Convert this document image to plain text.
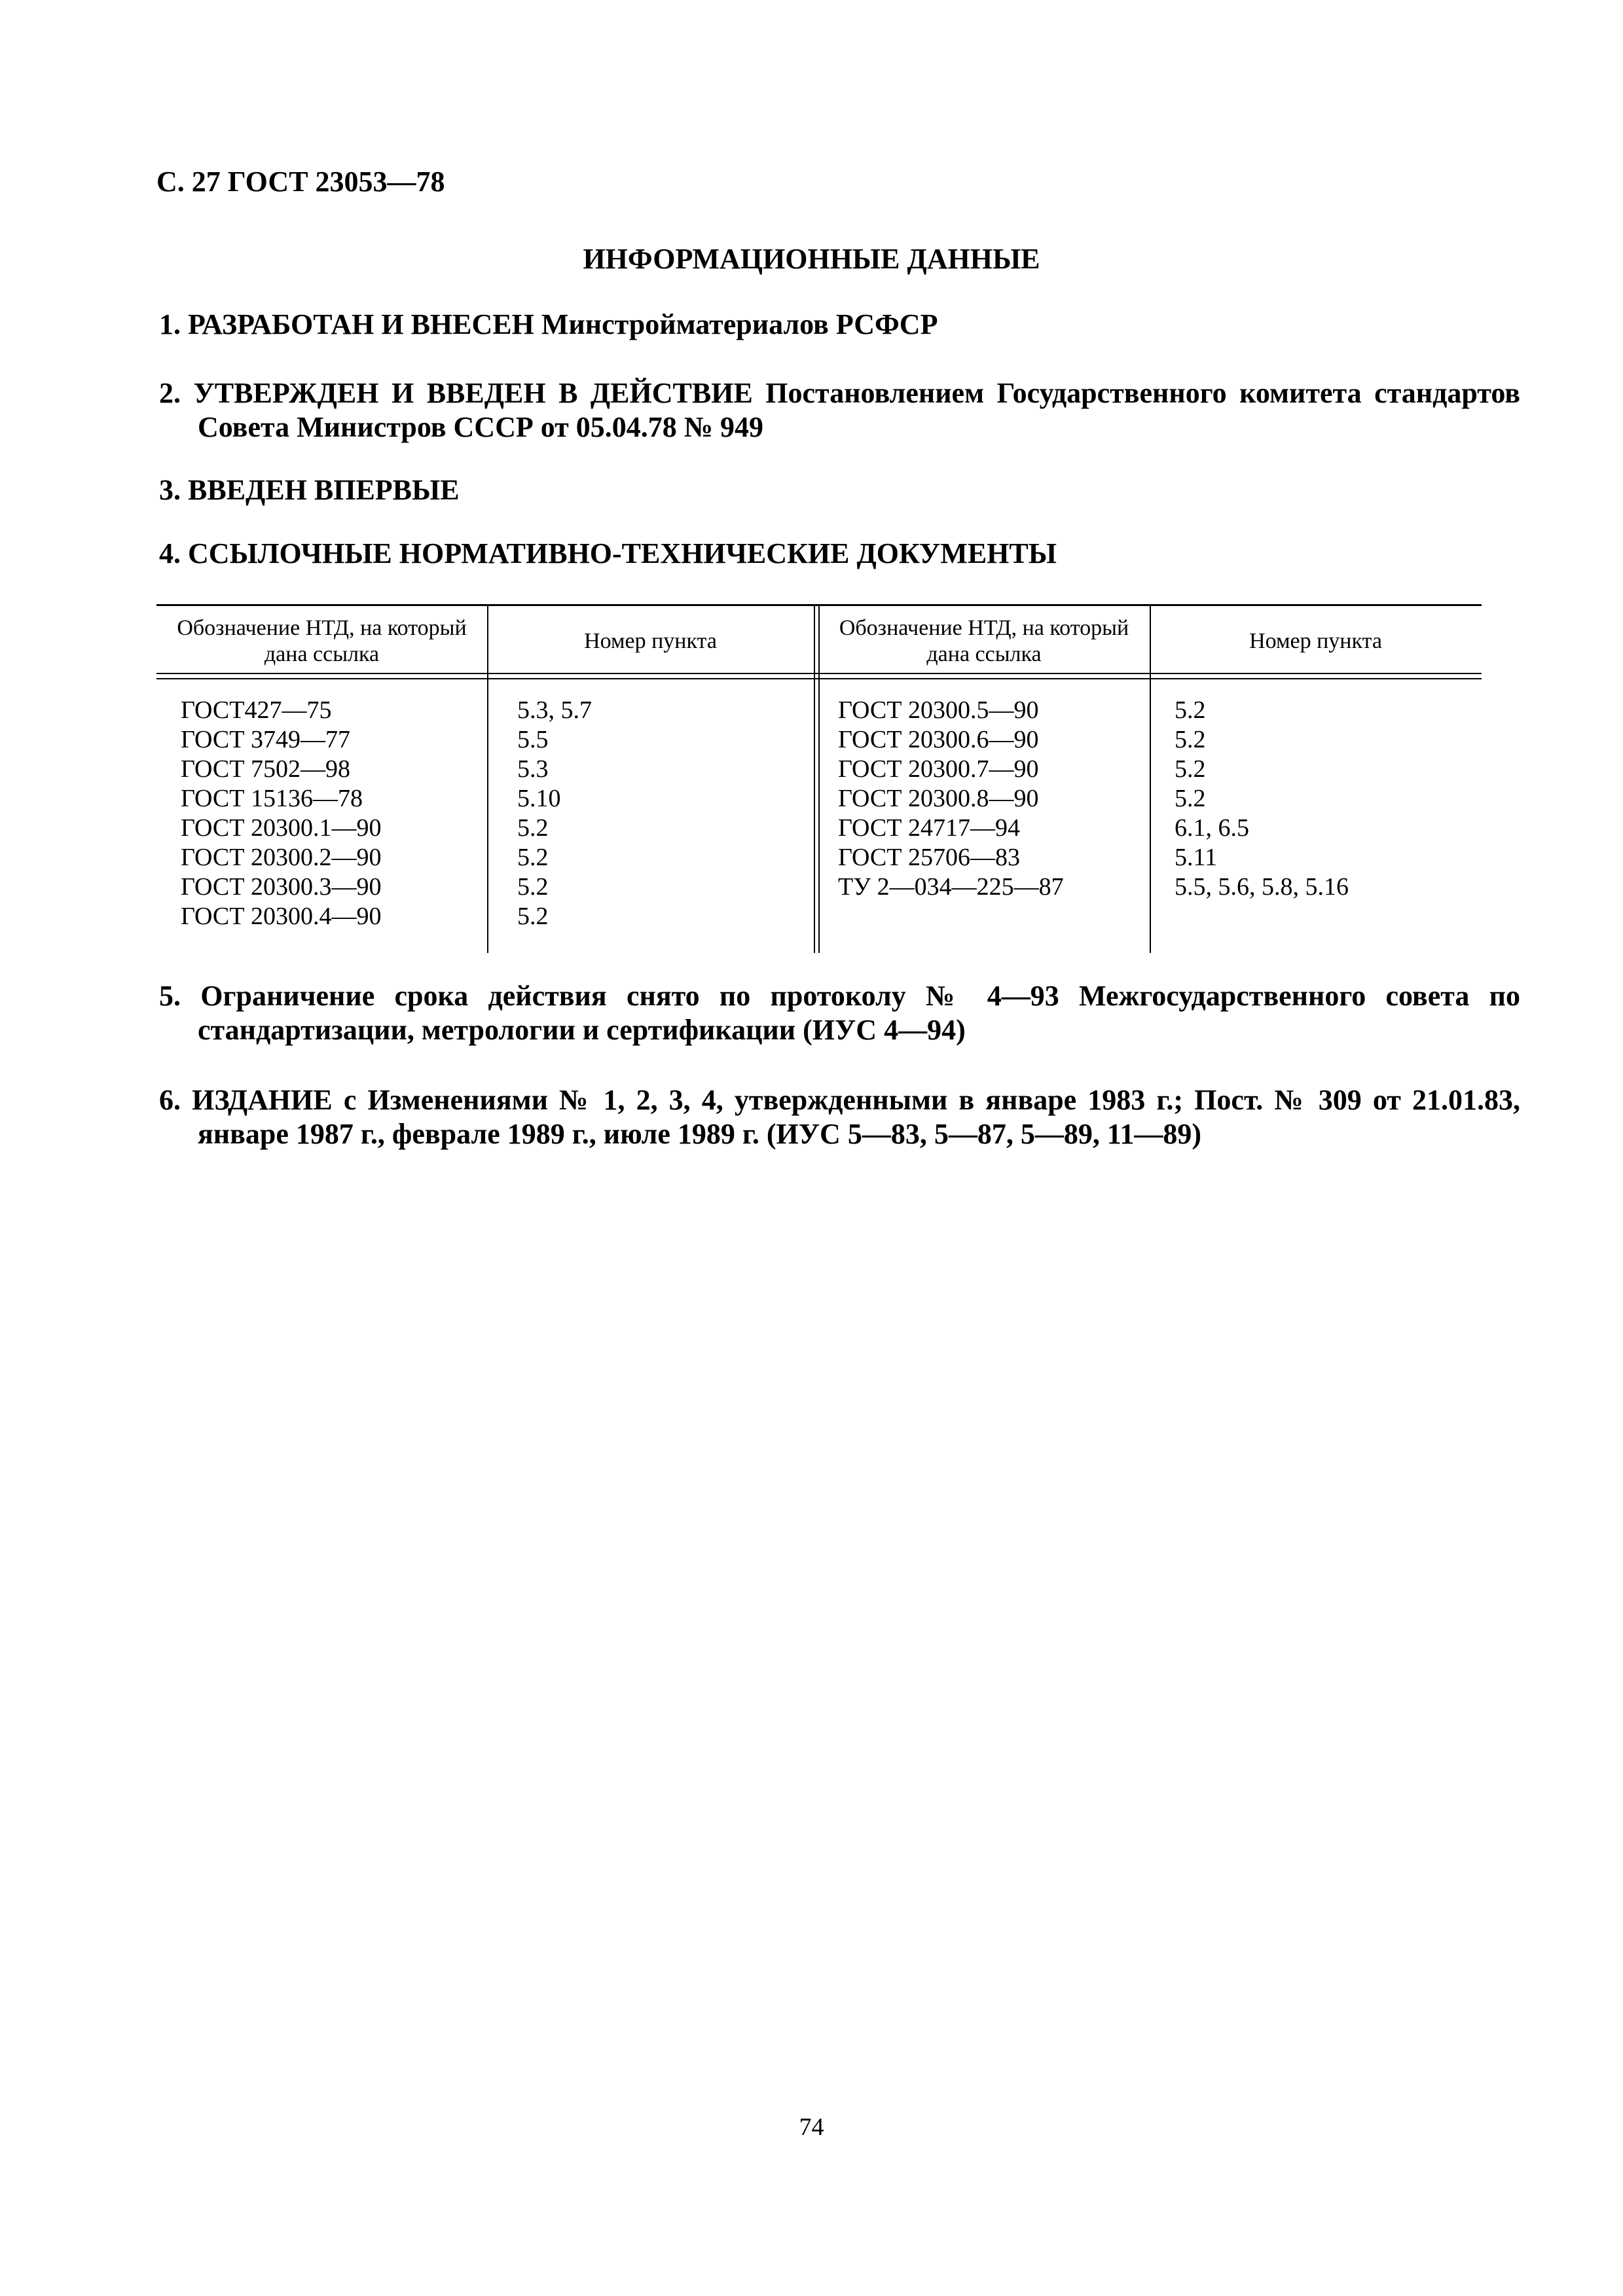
С. 27 ГОСТ 23053—78

ИНФОРМАЦИОННЫЕ ДАННЫЕ

1. РАЗРАБОТАН И ВНЕСЕН Минстройматериалов РСФСР

2. УТВЕРЖДЕН И ВВЕДЕН В ДЕЙСТВИЕ Постановлением Государственного комитета стандартов Совета Министров СССР от 05.04.78 № 949

3. ВВЕДЕН ВПЕРВЫЕ

4. ССЫЛОЧНЫЕ НОРМАТИВНО-ТЕХНИЧЕСКИЕ ДОКУМЕНТЫ

Обозначение НТД, на который дана ссылка
Номер пункта
Обозначение НТД, на который дана ссылка
Номер пункта
ГОСТ427—75
ГОСТ 3749—77
ГОСТ 7502—98
ГОСТ 15136—78
ГОСТ 20300.1—90
ГОСТ 20300.2—90
ГОСТ 20300.3—90
ГОСТ 20300.4—90
5.3, 5.7
5.5
5.3
5.10
5.2
5.2
5.2
5.2
ГОСТ 20300.5—90
ГОСТ 20300.6—90
ГОСТ 20300.7—90
ГОСТ 20300.8—90
ГОСТ 24717—94
ГОСТ 25706—83
ТУ 2—034—225—87
5.2
5.2
5.2
5.2
6.1, 6.5
5.11
5.5, 5.6, 5.8, 5.16

5. Ограничение срока действия снято по протоколу № 4—93 Межгосударственного совета по стандартизации, метрологии и сертификации (ИУС 4—94)

6. ИЗДАНИЕ с Изменениями № 1, 2, 3, 4, утвержденными в январе 1983 г.; Пост. № 309 от 21.01.83, январе 1987 г., феврале 1989 г., июле 1989 г. (ИУС 5—83, 5—87, 5—89, 11—89)

74
